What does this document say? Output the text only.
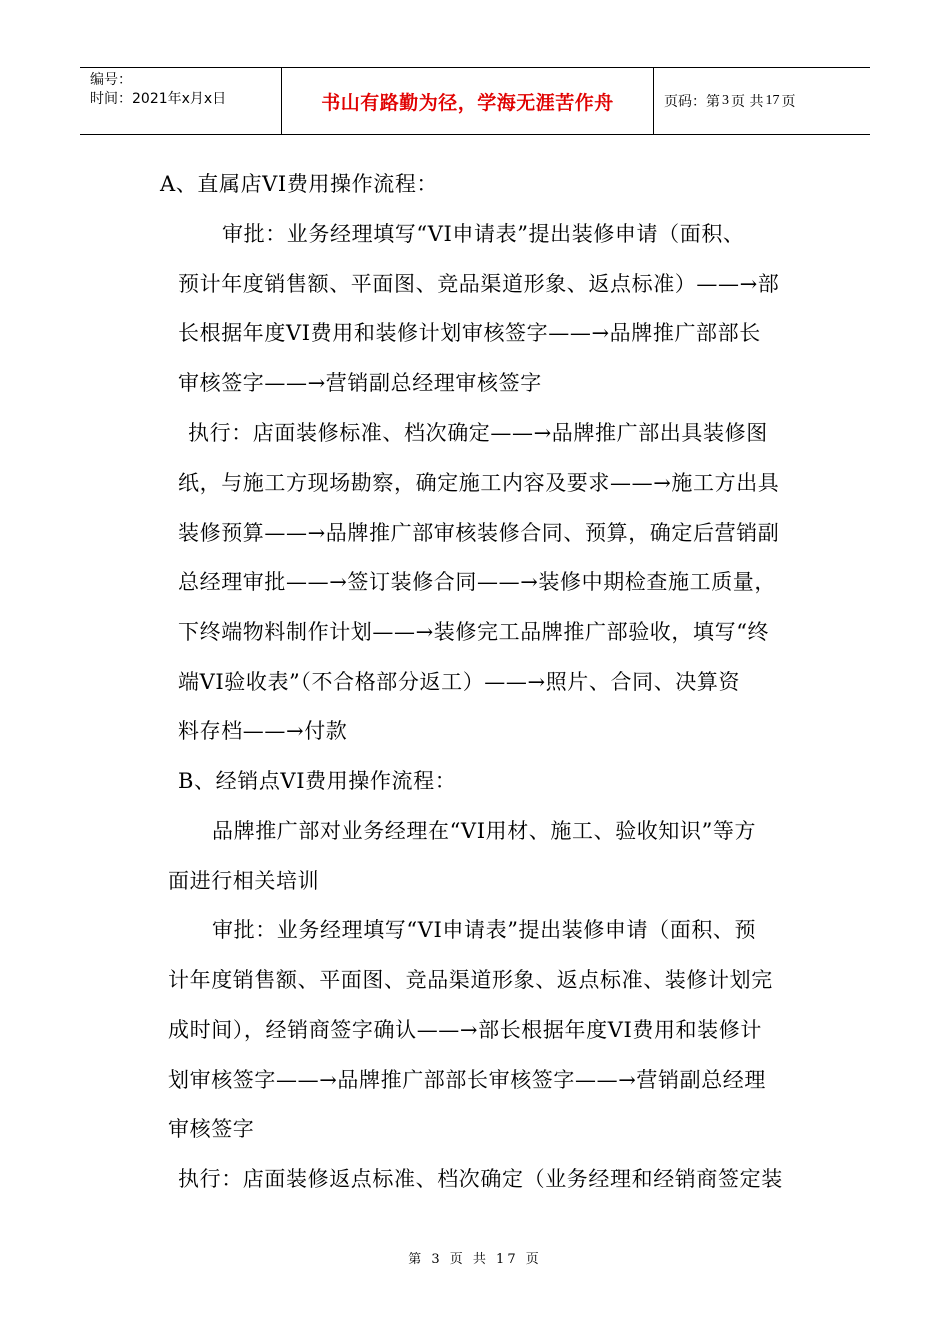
编号：
时间：2021年x月x日	书山有路勤为径，学海无涯苦作舟	页码：第 3 页 共 17 页
A、直属店VI费用操作流程：
审批：业务经理填写“VI申请表”提出装修申请（面积、
预计年度销售额、平面图、竞品渠道形象、返点标准）——→部
长根据年度VI费用和装修计划审核签字——→品牌推广部部长
审核签字——→营销副总经理审核签字
执行：店面装修标准、档次确定——→品牌推广部出具装修图
纸，与施工方现场勘察，确定施工内容及要求——→施工方出具
装修预算——→品牌推广部审核装修合同、预算，确定后营销副
总经理审批——→签订装修合同——→装修中期检查施工质量，
下终端物料制作计划——→装修完工品牌推广部验收，填写“终
端VI验收表”（不合格部分返工）——→照片、合同、决算资
料存档——→付款
B、经销点VI费用操作流程：
品牌推广部对业务经理在“VI用材、施工、验收知识”等方
面进行相关培训
审批：业务经理填写“VI申请表”提出装修申请（面积、预
计年度销售额、平面图、竞品渠道形象、返点标准、装修计划完
成时间），经销商签字确认——→部长根据年度VI费用和装修计
划审核签字——→品牌推广部部长审核签字——→营销副总经理
审核签字
执行：店面装修返点标准、档次确定（业务经理和经销商签定装
第 3 页 共 17 页
